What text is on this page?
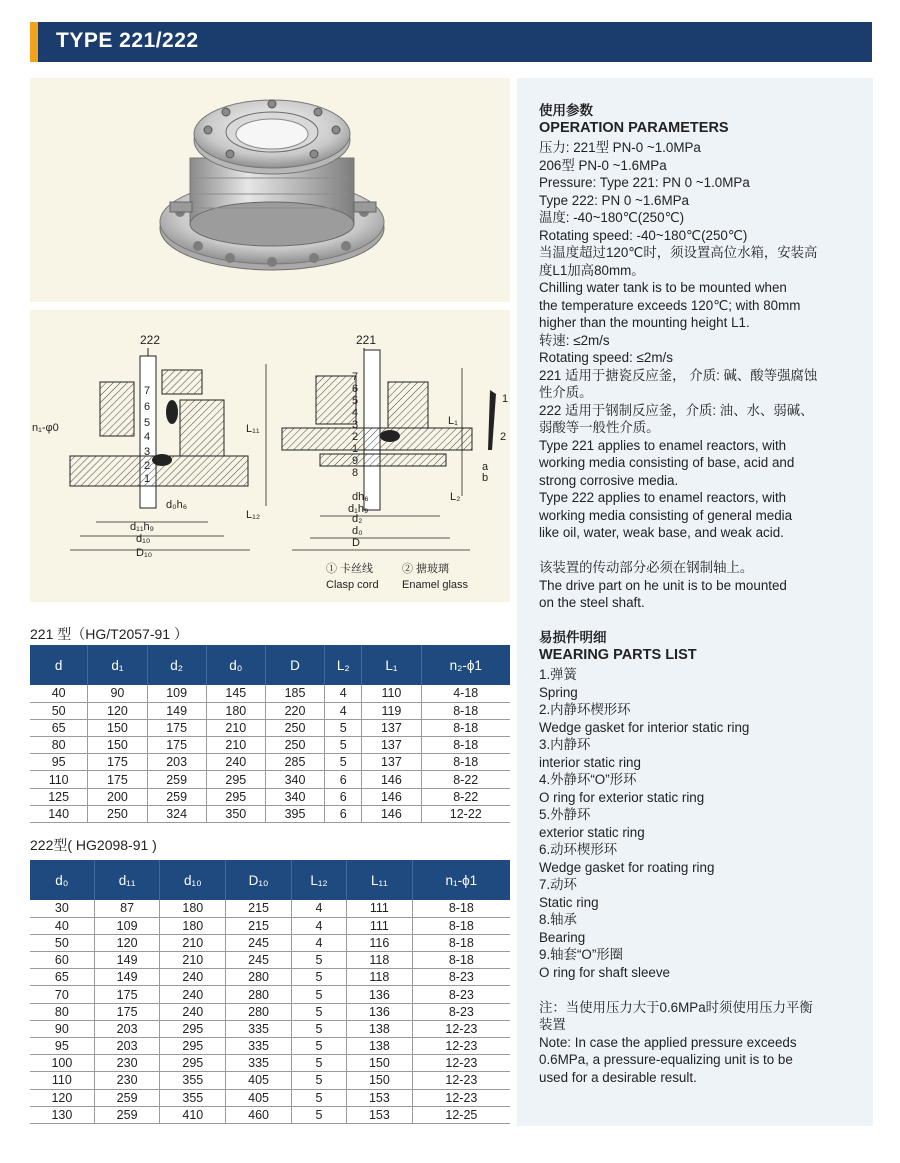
TYPE 221/222
222
7
6
5
4
3
2
1
n₁-φ0	L₁₁
L₁₂
d₀h₆
d₁₁h₉
d₁₀
D₁₀
221
7
6
5
4
3
2
1
9
8
L₁
L₂
dh₆
d₁h₉
d₂
d₀
D
1
2
a
b
① 卡丝线
Clasp cord
② 搪玻璃
Enamel glass
221 型（HG/T2057-91 ）
d	d₁	d₂	d₀	D	L₂	L₁	n₂-ϕ1
40	90	109	145	185	4	110	4-18
50	120	149	180	220	4	119	8-18
65	150	175	210	250	5	137	8-18
80	150	175	210	250	5	137	8-18
95	175	203	240	285	5	137	8-18
110	175	259	295	340	6	146	8-22
125	200	259	295	340	6	146	8-22
140	250	324	350	395	6	146	12-22
222型( HG2098-91 )
d₀	d₁₁	d₁₀	D₁₀	L₁₂	L₁₁	n₁-ϕ1
30	87	180	215	4	111	8-18
40	109	180	215	4	111	8-18
50	120	210	245	4	116	8-18
60	149	210	245	5	118	8-18
65	149	240	280	5	118	8-23
70	175	240	280	5	136	8-23
80	175	240	280	5	136	8-23
90	203	295	335	5	138	12-23
95	203	295	335	5	138	12-23
100	230	295	335	5	150	12-23
110	230	355	405	5	150	12-23
120	259	355	405	5	153	12-23
130	259	410	460	5	153	12-25
使用参数
OPERATION PARAMETERS
压力: 221型 PN-0 ~1.0MPa
206型 PN-0 ~1.6MPa
Pressure: Type 221: PN 0 ~1.0MPa
Type 222: PN 0 ~1.6MPa
温度: -40~180℃(250℃)
Rotating speed: -40~180℃(250℃)
当温度超过120℃时，须设置高位水箱，安装高
度L1加高80mm。
Chilling water tank is to be mounted when
the temperature exceeds 120℃; with 80mm
higher than the mounting height L1.
转速: ≤2m/s
Rotating speed: ≤2m/s
221 适用于搪瓷反应釜， 介质: 碱、酸等强腐蚀
性介质。
222 适用于钢制反应釜，介质: 油、水、弱碱、
弱酸等一般性介质。
Type 221 applies to enamel reactors, with
working media consisting of base, acid and
strong corrosive media.
Type 222 applies to enamel reactors, with
working media consisting of general media
like oil, water, weak base, and weak acid.
该装置的传动部分必须在钢制轴上。
The drive part on he unit is to be mounted
on the steel shaft.
易损件明细
WEARING PARTS LIST
1.弹簧
Spring
2.内静环楔形环
Wedge gasket for interior static ring
3.内静环
interior static ring
4.外静环“O”形环
O ring for exterior static ring
5.外静环
exterior static ring
6.动环楔形环
Wedge gasket for roating ring
7.动环
Static ring
8.轴承
Bearing
9.轴套“O”形圈
O ring for shaft sleeve
注：当使用压力大于0.6MPa时须使用压力平衡
装置
Note: In case the applied pressure exceeds
0.6MPa, a pressure-equalizing unit is to be
used for a desirable result.
